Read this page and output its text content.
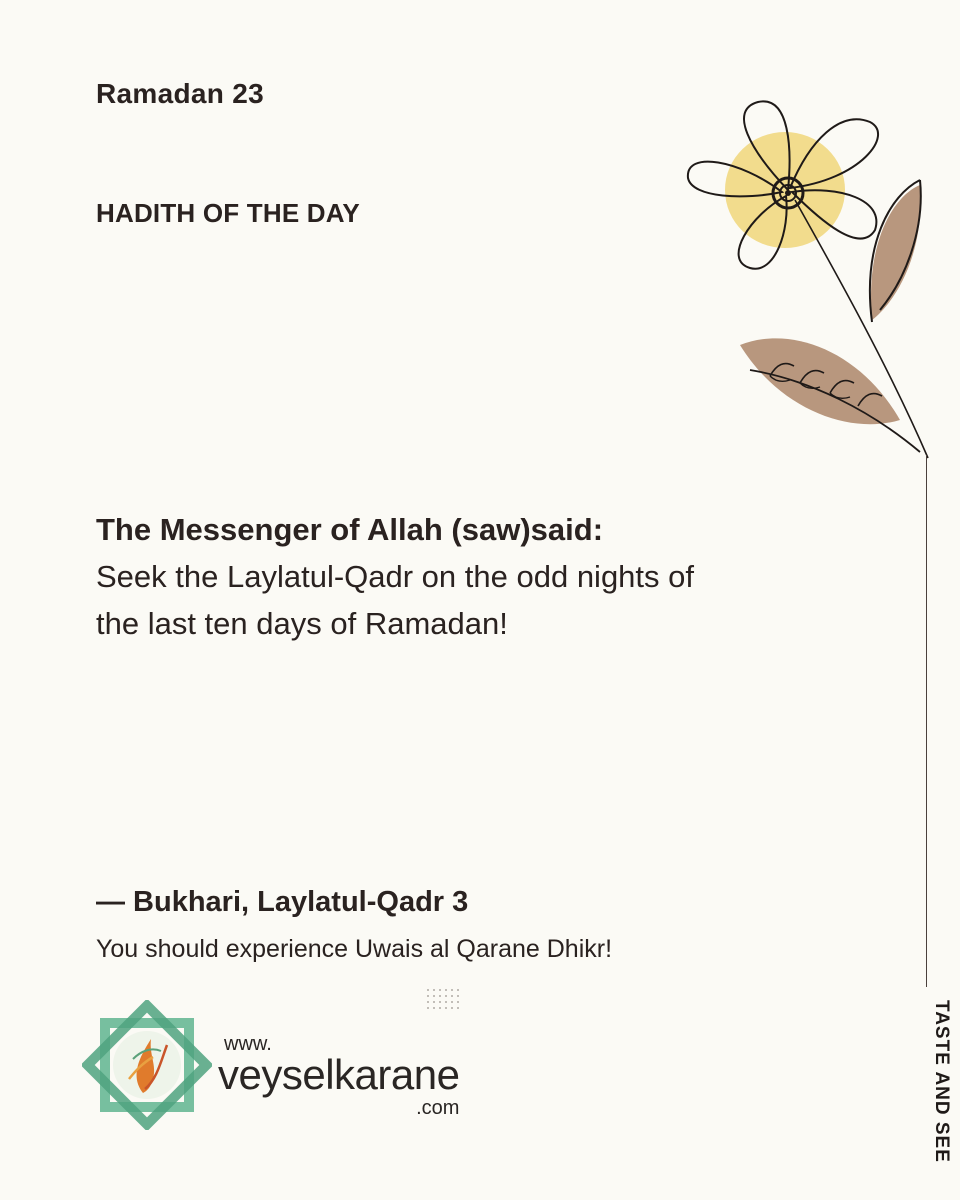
Ramadan 23
HADITH OF THE DAY
The Messenger of Allah (saw)said:
Seek the Laylatul-Qadr on the odd nights of the last ten days of Ramadan!
— Bukhari, Laylatul-Qadr 3
You should experience Uwais al Qarane Dhikr!
TASTE AND SEE
www.
veyselkarane
.com
